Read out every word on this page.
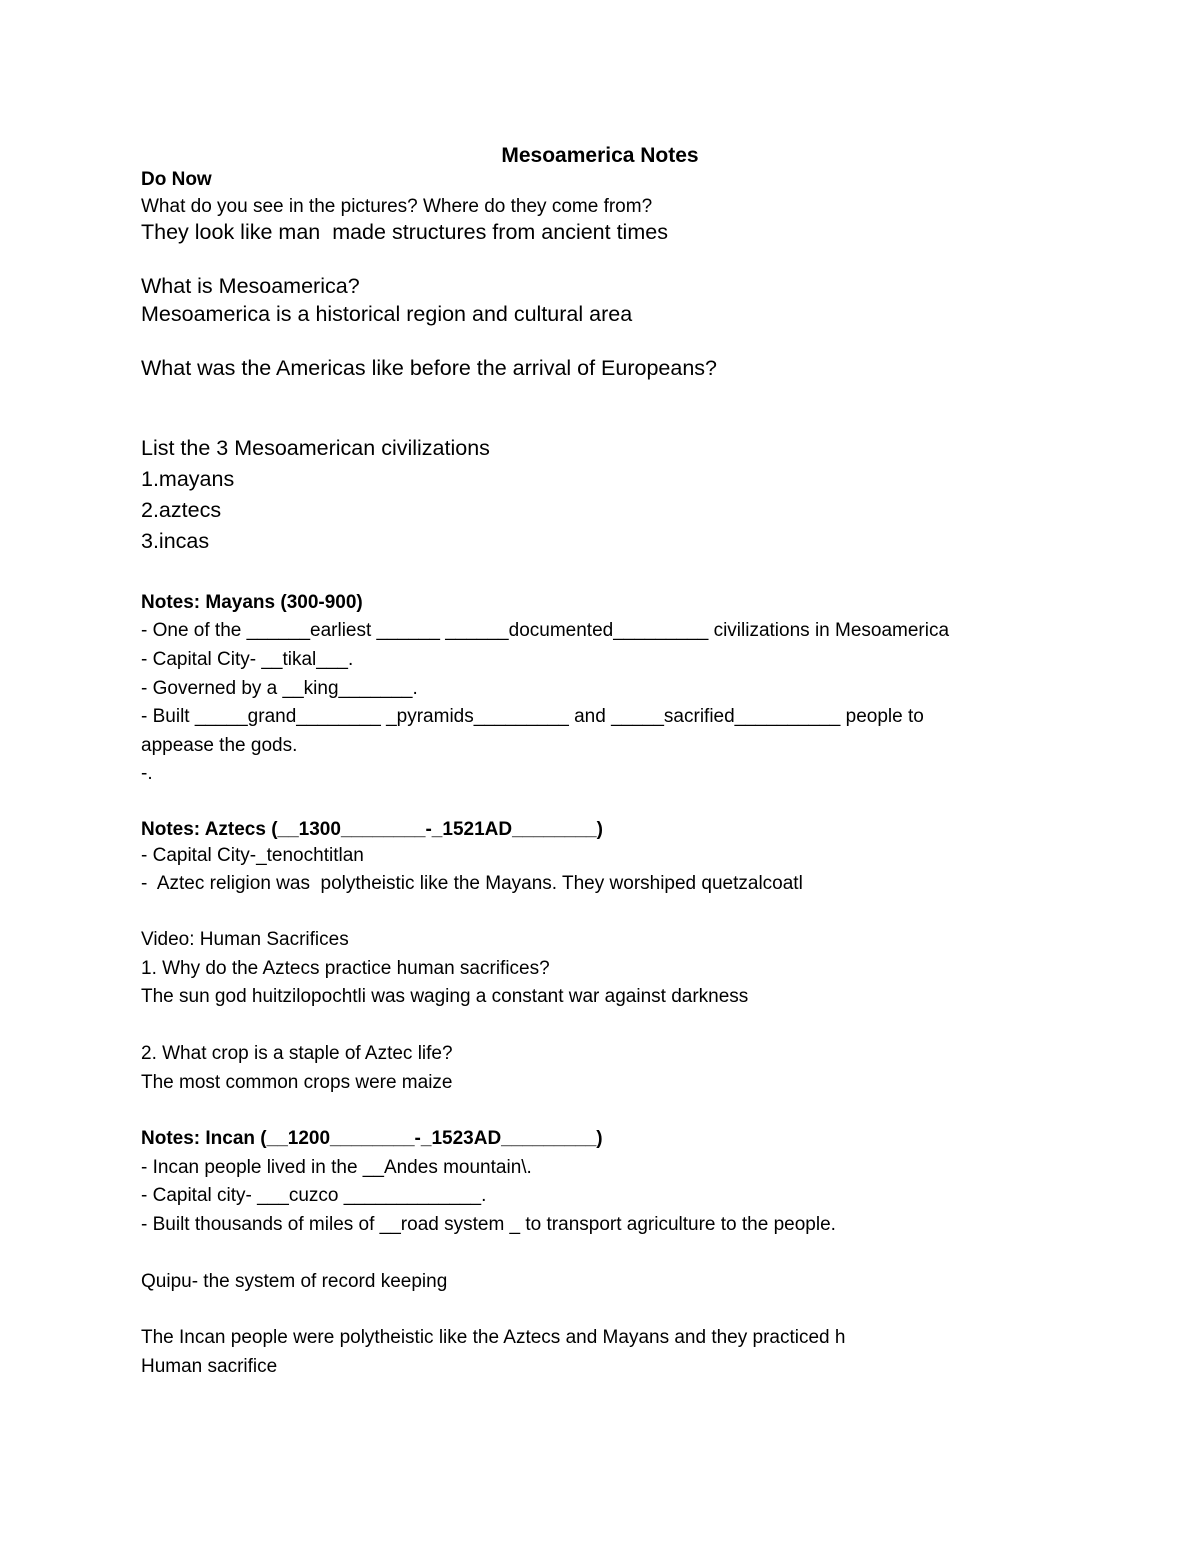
Mesoamerica Notes
Do Now
What do you see in the pictures? Where do they come from?
They look like man  made structures from ancient times
What is Mesoamerica?
Mesoamerica is a historical region and cultural area
What was the Americas like before the arrival of Europeans?
List the 3 Mesoamerican civilizations
1.mayans
2.aztecs
3.incas
Notes: Mayans (300-900)
- One of the ______earliest ______ ______documented_________ civilizations in Mesoamerica
- Capital City- __tikal___.
- Governed by a __king_______.
- Built _____grand________ _pyramids_________ and _____sacrified__________ people to
appease the gods.
-.
Notes: Aztecs (__1300________-_1521AD________)
- Capital City-_tenochtitlan
-  Aztec religion was  polytheistic like the Mayans. They worshiped quetzalcoatl
Video: Human Sacrifices
1. Why do the Aztecs practice human sacrifices?
The sun god huitzilopochtli was waging a constant war against darkness
2. What crop is a staple of Aztec life?
The most common crops were maize
Notes: Incan (__1200________-_1523AD_________)
- Incan people lived in the __Andes mountain\.
- Capital city- ___cuzco _____________.
- Built thousands of miles of __road system _ to transport agriculture to the people.
Quipu- the system of record keeping
The Incan people were polytheistic like the Aztecs and Mayans and they practiced h
Human sacrifice
